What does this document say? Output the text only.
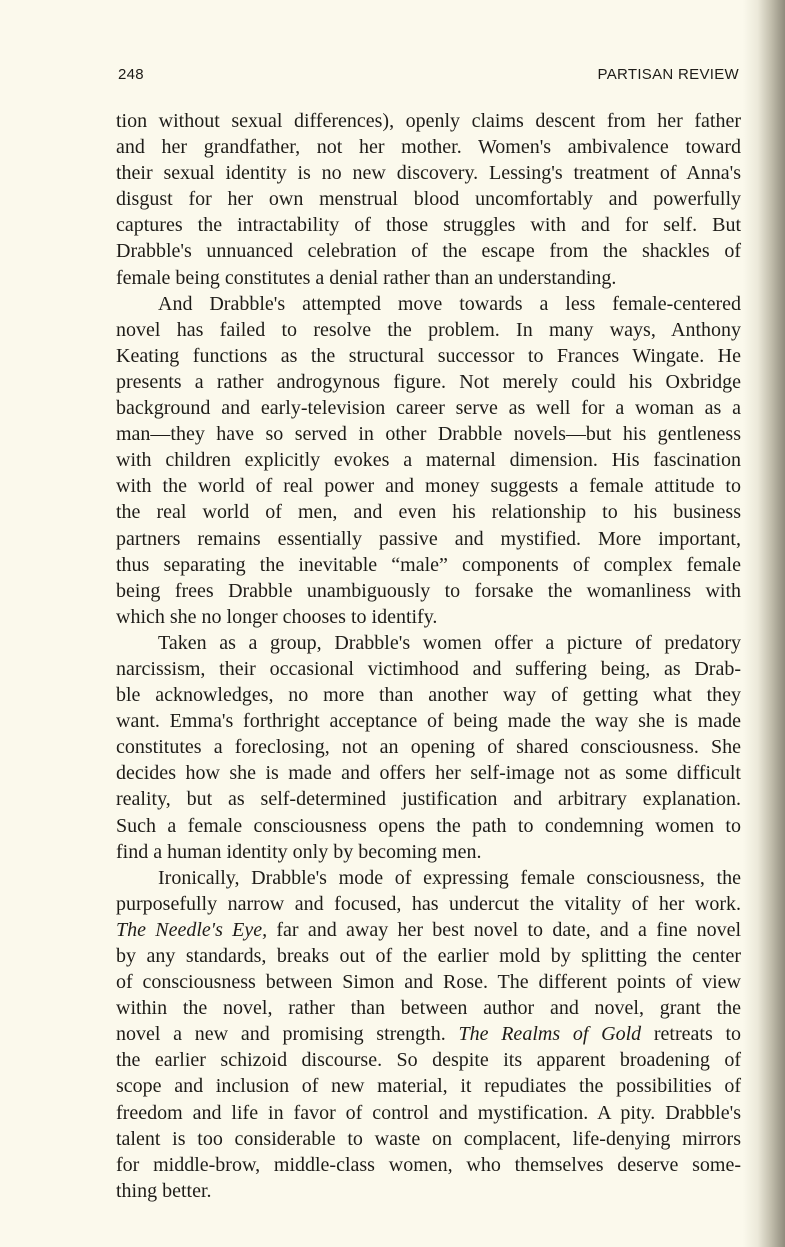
248	PARTISAN REVIEW
tion without sexual differences), openly claims descent from her father
and her grandfather, not her mother. Women's ambivalence toward
their sexual identity is no new discovery. Lessing's treatment of Anna's
disgust for her own menstrual blood uncomfortably and powerfully
captures the intractability of those struggles with and for self. But
Drabble's unnuanced celebration of the escape from the shackles of
female being constitutes a denial rather than an understanding.
And Drabble's attempted move towards a less female-centered
novel has failed to resolve the problem. In many ways, Anthony
Keating functions as the structural successor to Frances Wingate. He
presents a rather androgynous figure. Not merely could his Oxbridge
background and early-television career serve as well for a woman as a
man—they have so served in other Drabble novels—but his gentleness
with children explicitly evokes a maternal dimension. His fascination
with the world of real power and money suggests a female attitude to
the real world of men, and even his relationship to his business
partners remains essentially passive and mystified. More important,
thus separating the inevitable “male” components of complex female
being frees Drabble unambiguously to forsake the womanliness with
which she no longer chooses to identify.
Taken as a group, Drabble's women offer a picture of predatory
narcissism, their occasional victimhood and suffering being, as Drab-
ble acknowledges, no more than another way of getting what they
want. Emma's forthright acceptance of being made the way she is made
constitutes a foreclosing, not an opening of shared consciousness. She
decides how she is made and offers her self-image not as some difficult
reality, but as self-determined justification and arbitrary explanation.
Such a female consciousness opens the path to condemning women to
find a human identity only by becoming men.
Ironically, Drabble's mode of expressing female consciousness, the
purposefully narrow and focused, has undercut the vitality of her work.
The Needle's Eye, far and away her best novel to date, and a fine novel
by any standards, breaks out of the earlier mold by splitting the center
of consciousness between Simon and Rose. The different points of view
within the novel, rather than between author and novel, grant the
novel a new and promising strength. The Realms of Gold retreats to
the earlier schizoid discourse. So despite its apparent broadening of
scope and inclusion of new material, it repudiates the possibilities of
freedom and life in favor of control and mystification. A pity. Drabble's
talent is too considerable to waste on complacent, life-denying mirrors
for middle-brow, middle-class women, who themselves deserve some-
thing better.
